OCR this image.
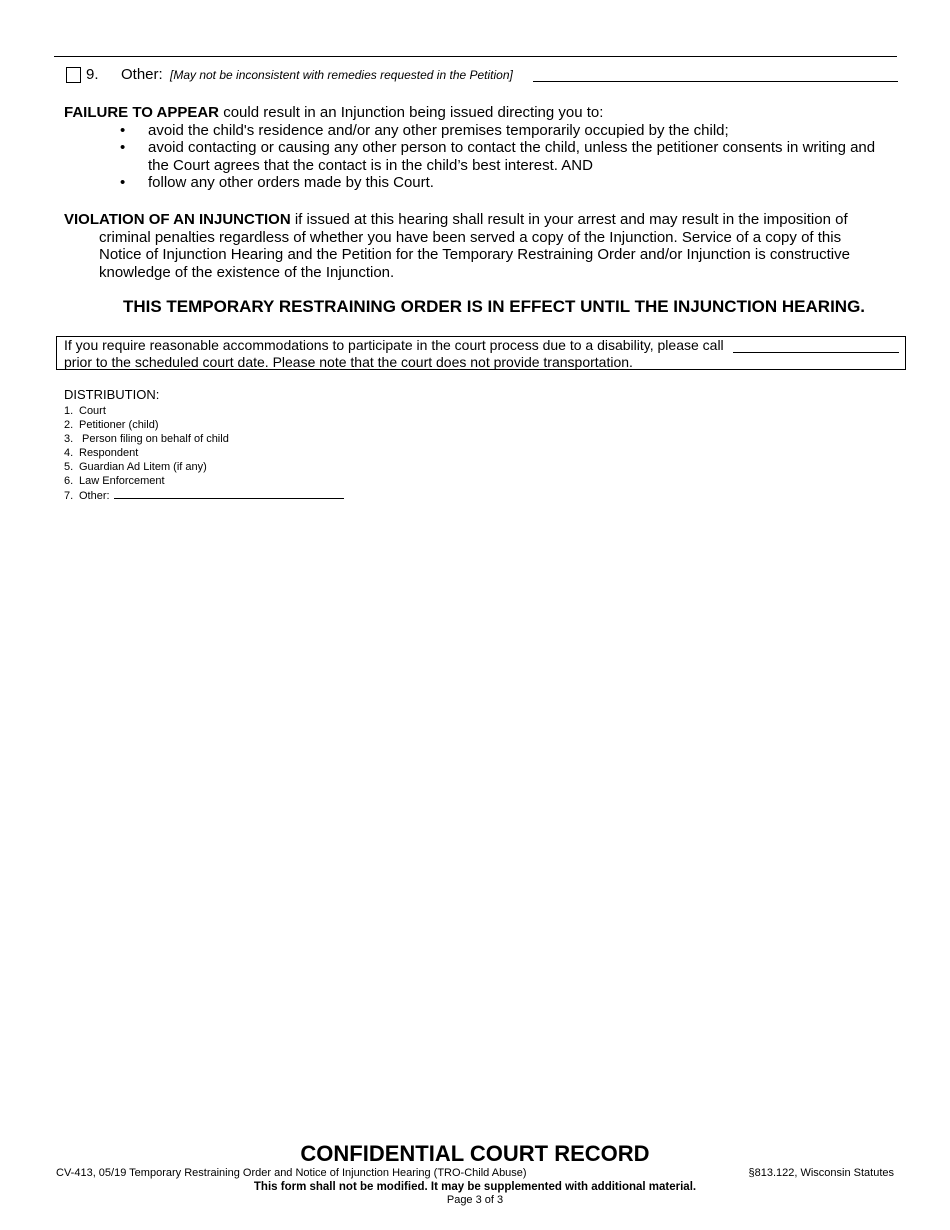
9. Other: [May not be inconsistent with remedies requested in the Petition]
FAILURE TO APPEAR could result in an Injunction being issued directing you to:
• avoid the child's residence and/or any other premises temporarily occupied by the child;
• avoid contacting or causing any other person to contact the child, unless the petitioner consents in writing and the Court agrees that the contact is in the child’s best interest. AND
• follow any other orders made by this Court.
VIOLATION OF AN INJUNCTION if issued at this hearing shall result in your arrest and may result in the imposition of criminal penalties regardless of whether you have been served a copy of the Injunction. Service of a copy of this Notice of Injunction Hearing and the Petition for the Temporary Restraining Order and/or Injunction is constructive knowledge of the existence of the Injunction.
THIS TEMPORARY RESTRAINING ORDER IS IN EFFECT UNTIL THE INJUNCTION HEARING.
If you require reasonable accommodations to participate in the court process due to a disability, please call
prior to the scheduled court date. Please note that the court does not provide transportation.
DISTRIBUTION:
1. Court
2. Petitioner (child)
3. Person filing on behalf of child
4. Respondent
5. Guardian Ad Litem (if any)
6. Law Enforcement
7. Other:
CONFIDENTIAL COURT RECORD
CV-413, 05/19 Temporary Restraining Order and Notice of Injunction Hearing (TRO-Child Abuse)	§813.122, Wisconsin Statutes
This form shall not be modified. It may be supplemented with additional material.
Page 3 of 3
